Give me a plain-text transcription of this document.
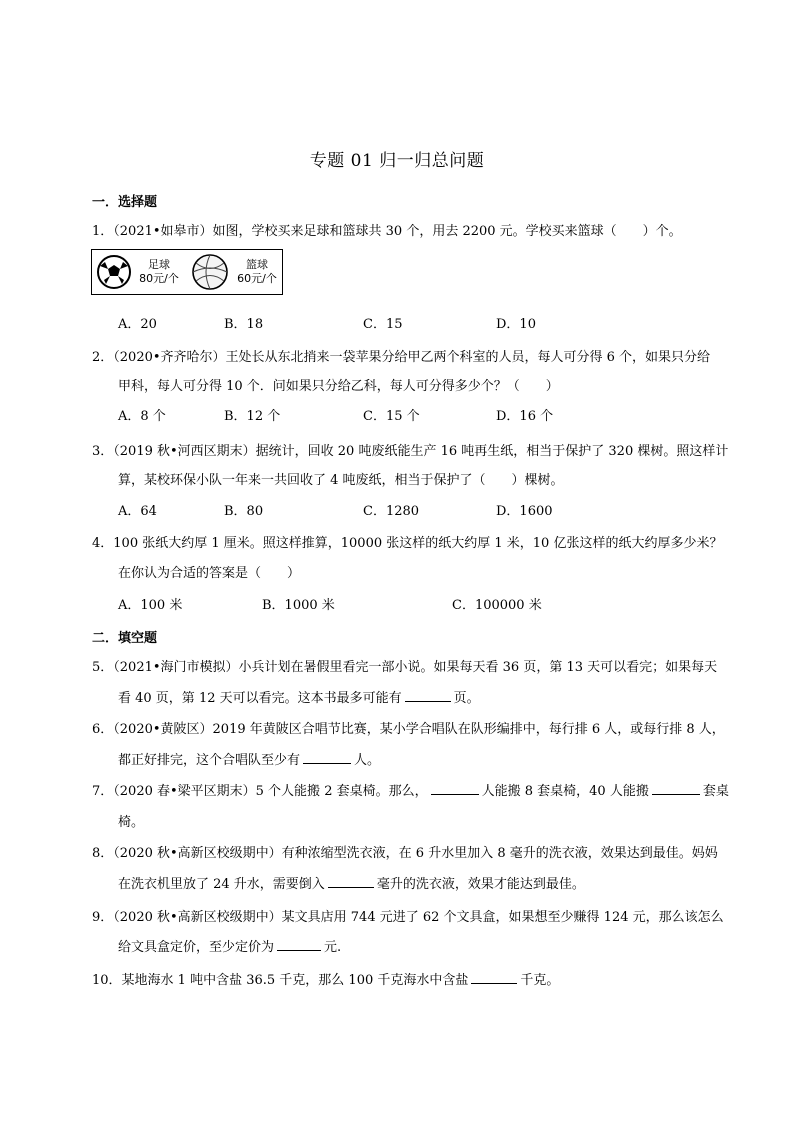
专题 01 归一归总问题
一．选择题
1．（2021•如皋市）如图，学校买来足球和篮球共 30 个，用去 2200 元。学校买来篮球（　　）个。
足球
80元/个
篮球
60元/个
A．20	B．18	C．15	D．10
2．（2020•齐齐哈尔）王处长从东北捎来一袋苹果分给甲乙两个科室的人员，每人可分得 6 个，如果只分给
甲科，每人可分得 10 个．问如果只分给乙科，每人可分得多少个？（　　）
A．8 个	B．12 个	C．15 个	D．16 个
3．（2019 秋•河西区期末）据统计，回收 20 吨废纸能生产 16 吨再生纸，相当于保护了 320 棵树。照这样计
算，某校环保小队一年来一共回收了 4 吨废纸，相当于保护了（　　）棵树。
A．64	B．80	C．1280	D．1600
4．100 张纸大约厚 1 厘米。照这样推算，10000 张这样的纸大约厚 1 米，10 亿张这样的纸大约厚多少米？
在你认为合适的答案是（　　）
A．100 米	B．1000 米	C．100000 米
二．填空题
5．（2021•海门市模拟）小兵计划在暑假里看完一部小说。如果每天看 36 页，第 13 天可以看完；如果每天
看 40 页，第 12 天可以看完。这本书最多可能有	页。
6．（2020•黄陂区）2019 年黄陂区合唱节比赛，某小学合唱队在队形编排中，每行排 6 人，或每行排 8 人，
都正好排完，这个合唱队至少有	人。
7．（2020 春•梁平区期末）5 个人能搬 2 套桌椅。那么，	人能搬 8 套桌椅，40 人能搬	套桌
椅。
8．（2020 秋•高新区校级期中）有种浓缩型洗衣液，在 6 升水里加入 8 毫升的洗衣液，效果达到最佳。妈妈
在洗衣机里放了 24 升水，需要倒入	毫升的洗衣液，效果才能达到最佳。
9．（2020 秋•高新区校级期中）某文具店用 744 元进了 62 个文具盒，如果想至少赚得 124 元，那么该怎么
给文具盒定价，至少定价为	元.
10．某地海水 1 吨中含盐 36.5 千克，那么 100 千克海水中含盐	千克。
